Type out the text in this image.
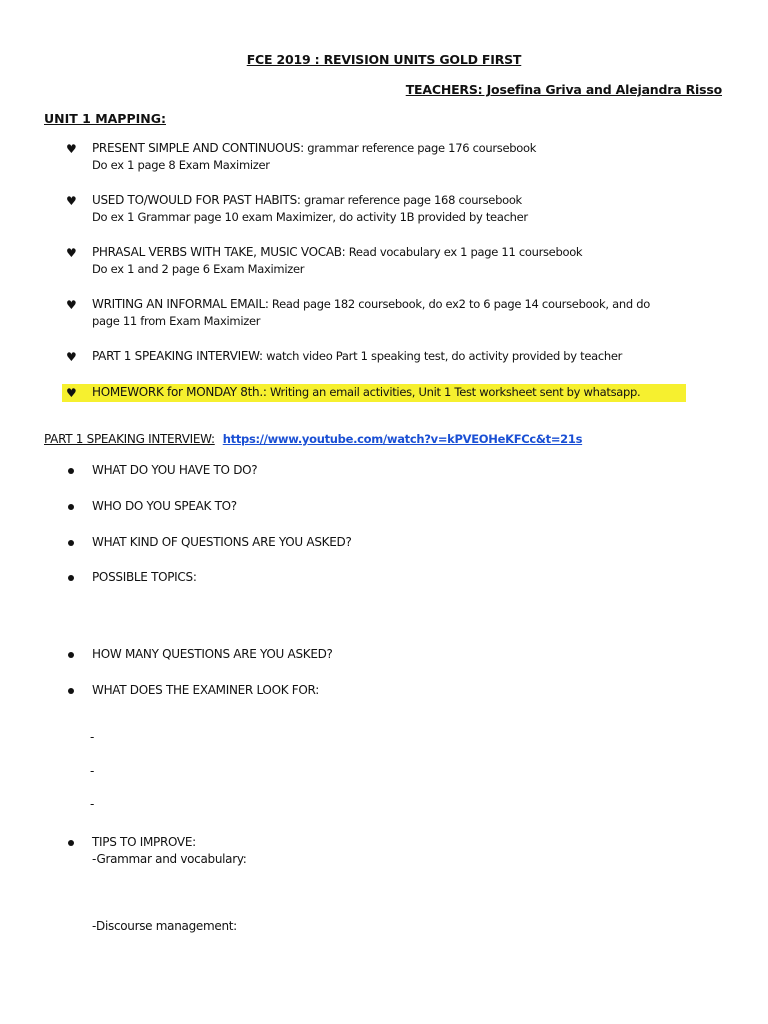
FCE 2019 : REVISION UNITS GOLD FIRST
TEACHERS: Josefina Griva and Alejandra Risso
UNIT 1 MAPPING:
♥ PRESENT SIMPLE AND CONTINUOUS: grammar reference page 176 coursebook
Do ex 1 page 8 Exam Maximizer
♥ USED TO/WOULD FOR PAST HABITS: gramar reference page 168 coursebook
Do ex 1 Grammar page 10 exam Maximizer, do activity 1B provided by teacher
♥ PHRASAL VERBS WITH TAKE, MUSIC VOCAB: Read vocabulary ex 1 page 11 coursebook
Do ex 1 and 2 page 6 Exam Maximizer
♥ WRITING AN INFORMAL EMAIL: Read page 182 coursebook, do ex2 to 6 page 14 coursebook, and do
page 11 from Exam Maximizer
♥ PART 1 SPEAKING INTERVIEW: watch video Part 1 speaking test, do activity provided by teacher
♥ HOMEWORK for MONDAY 8th.: Writing an email activities, Unit 1 Test worksheet sent by whatsapp.
PART 1 SPEAKING INTERVIEW: https://www.youtube.com/watch?v=kPVEOHeKFCc&t=21s
WHAT DO YOU HAVE TO DO?
WHO DO YOU SPEAK TO?
WHAT KIND OF QUESTIONS ARE YOU ASKED?
POSSIBLE TOPICS:
HOW MANY QUESTIONS ARE YOU ASKED?
WHAT DOES THE EXAMINER LOOK FOR:
-
-
-
TIPS TO IMPROVE:
-Grammar and vocabulary:
-Discourse management:
